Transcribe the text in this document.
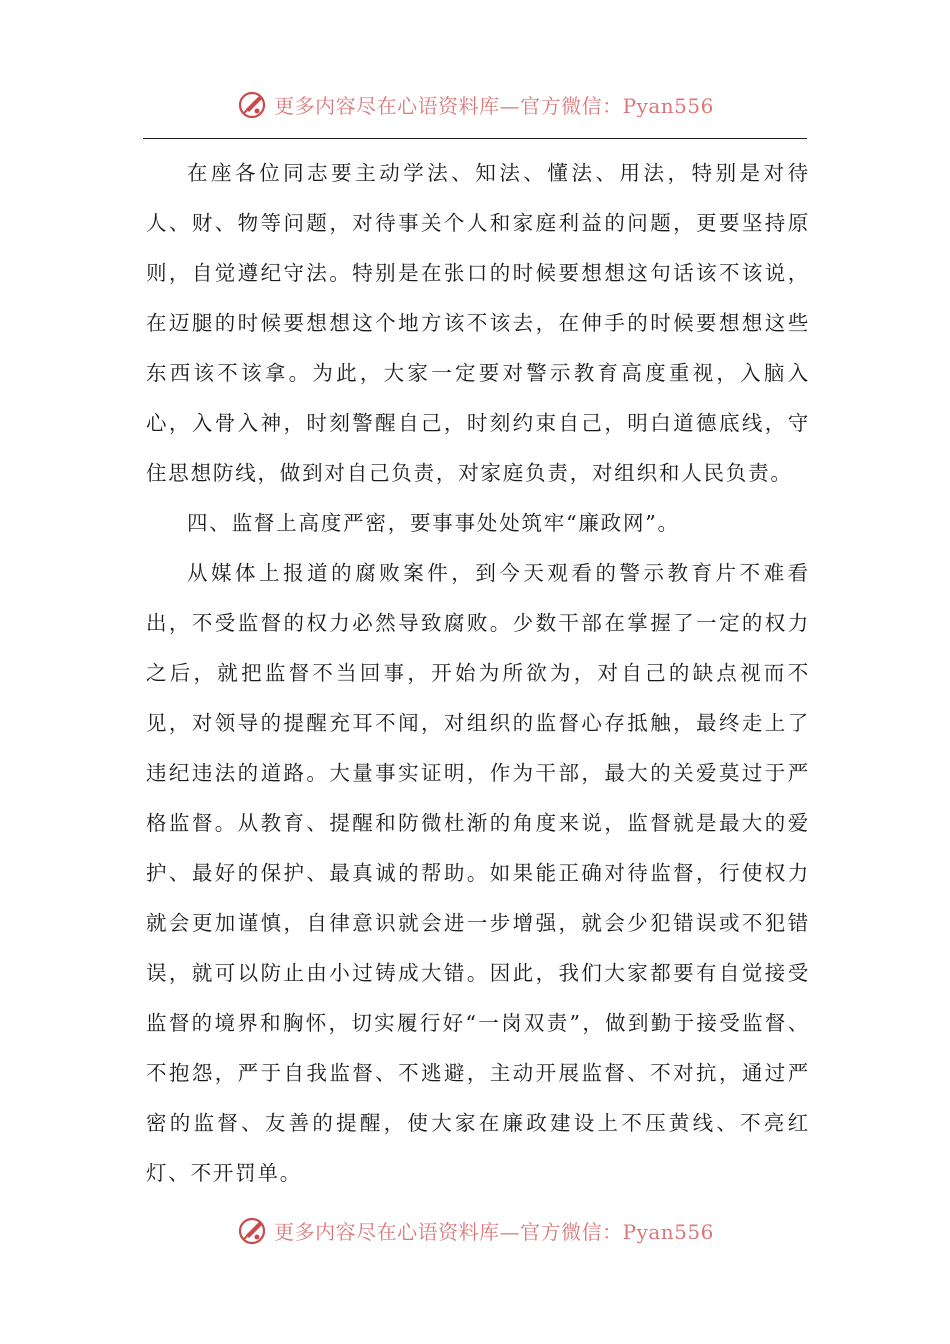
更多内容尽在心语资料库—官方微信：Pyan556

在座各位同志要主动学法、知法、懂法、用法，特别是对待人、财、物等问题，对待事关个人和家庭利益的问题，更要坚持原则，自觉遵纪守法。特别是在张口的时候要想想这句话该不该说，在迈腿的时候要想想这个地方该不该去，在伸手的时候要想想这些东西该不该拿。为此，大家一定要对警示教育高度重视，入脑入心，入骨入神，时刻警醒自己，时刻约束自己，明白道德底线，守住思想防线，做到对自己负责，对家庭负责，对组织和人民负责。

四、监督上高度严密，要事事处处筑牢“廉政网”。

从媒体上报道的腐败案件，到今天观看的警示教育片不难看出，不受监督的权力必然导致腐败。少数干部在掌握了一定的权力之后，就把监督不当回事，开始为所欲为，对自己的缺点视而不见，对领导的提醒充耳不闻，对组织的监督心存抵触，最终走上了违纪违法的道路。大量事实证明，作为干部，最大的关爱莫过于严格监督。从教育、提醒和防微杜渐的角度来说，监督就是最大的爱护、最好的保护、最真诚的帮助。如果能正确对待监督，行使权力就会更加谨慎，自律意识就会进一步增强，就会少犯错误或不犯错误，就可以防止由小过铸成大错。因此，我们大家都要有自觉接受监督的境界和胸怀，切实履行好“一岗双责”，做到勤于接受监督、不抱怨，严于自我监督、不逃避，主动开展监督、不对抗，通过严密的监督、友善的提醒，使大家在廉政建设上不压黄线、不亮红灯、不开罚单。

更多内容尽在心语资料库—官方微信：Pyan556
